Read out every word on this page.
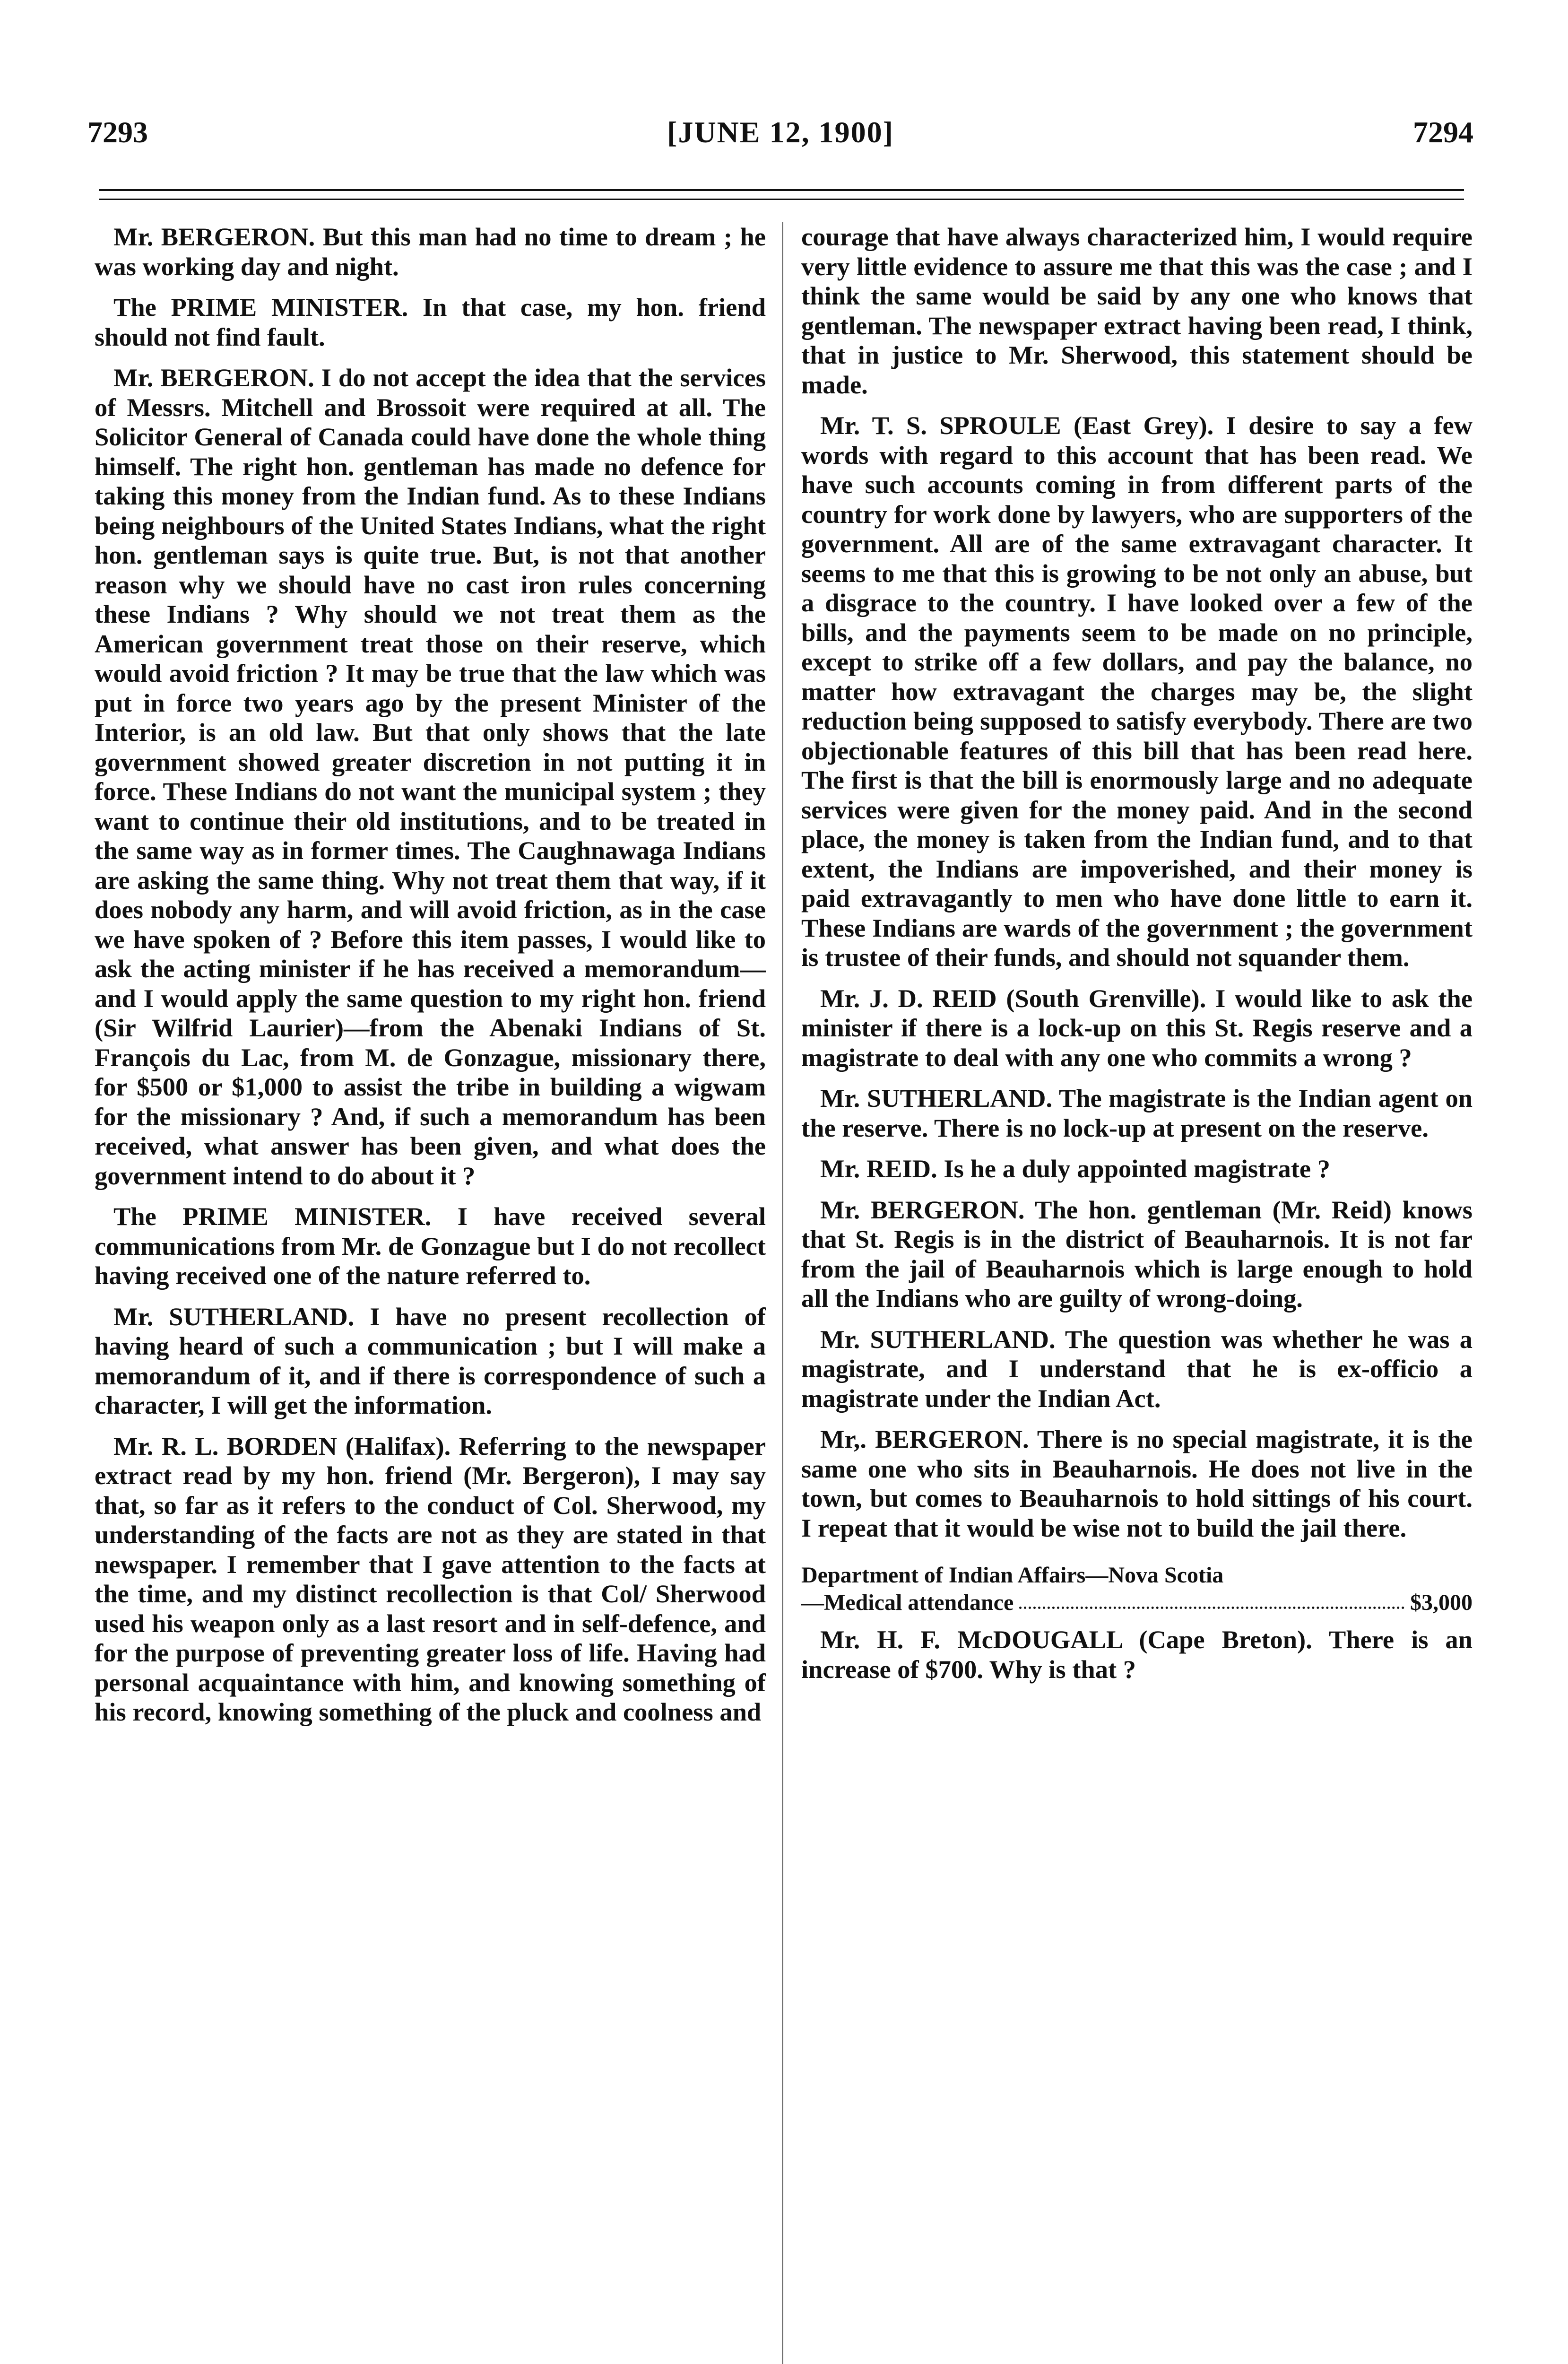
7293	[JUNE 12, 1900]	7294

Mr. BERGERON. But this man had no time to dream ; he was working day and night.

The PRIME MINISTER. In that case, my hon. friend should not find fault.

Mr. BERGERON. I do not accept the idea that the services of Messrs. Mitchell and Brossoit were required at all. The Solicitor General of Canada could have done the whole thing himself. The right hon. gentleman has made no defence for taking this money from the Indian fund. As to these Indians being neighbours of the United States Indians, what the right hon. gentleman says is quite true. But, is not that another reason why we should have no cast iron rules concerning these Indians ? Why should we not treat them as the American government treat those on their reserve, which would avoid friction ? It may be true that the law which was put in force two years ago by the present Minister of the Interior, is an old law. But that only shows that the late government showed greater discretion in not putting it in force. These Indians do not want the municipal system ; they want to continue their old institutions, and to be treated in the same way as in former times. The Caughnawaga Indians are asking the same thing. Why not treat them that way, if it does nobody any harm, and will avoid friction, as in the case we have spoken of ? Before this item passes, I would like to ask the acting minister if he has received a memorandum—and I would apply the same question to my right hon. friend (Sir Wilfrid Laurier)—from the Abenaki Indians of St. François du Lac, from M. de Gonzague, missionary there, for $500 or $1,000 to assist the tribe in building a wigwam for the missionary ? And, if such a memorandum has been received, what answer has been given, and what does the government intend to do about it ?

The PRIME MINISTER. I have received several communications from Mr. de Gonzague but I do not recollect having received one of the nature referred to.

Mr. SUTHERLAND. I have no present recollection of having heard of such a communication ; but I will make a memorandum of it, and if there is correspondence of such a character, I will get the information.

Mr. R. L. BORDEN (Halifax). Referring to the newspaper extract read by my hon. friend (Mr. Bergeron), I may say that, so far as it refers to the conduct of Col. Sherwood, my understanding of the facts are not as they are stated in that newspaper. I remember that I gave attention to the facts at the time, and my distinct recollection is that Col/ Sherwood used his weapon only as a last resort and in self-defence, and for the purpose of preventing greater loss of life. Having had personal acquaintance with him, and knowing something of his record, knowing something of the pluck and coolness and

courage that have always characterized him, I would require very little evidence to assure me that this was the case ; and I think the same would be said by any one who knows that gentleman. The newspaper extract having been read, I think, that in justice to Mr. Sherwood, this statement should be made.

Mr. T. S. SPROULE (East Grey). I desire to say a few words with regard to this account that has been read. We have such accounts coming in from different parts of the country for work done by lawyers, who are supporters of the government. All are of the same extravagant character. It seems to me that this is growing to be not only an abuse, but a disgrace to the country. I have looked over a few of the bills, and the payments seem to be made on no principle, except to strike off a few dollars, and pay the balance, no matter how extravagant the charges may be, the slight reduction being supposed to satisfy everybody. There are two objectionable features of this bill that has been read here. The first is that the bill is enormously large and no adequate services were given for the money paid. And in the second place, the money is taken from the Indian fund, and to that extent, the Indians are impoverished, and their money is paid extravagantly to men who have done little to earn it. These Indians are wards of the government ; the government is trustee of their funds, and should not squander them.

Mr. J. D. REID (South Grenville). I would like to ask the minister if there is a lock-up on this St. Regis reserve and a magistrate to deal with any one who commits a wrong ?

Mr. SUTHERLAND. The magistrate is the Indian agent on the reserve. There is no lock-up at present on the reserve.

Mr. REID. Is he a duly appointed magistrate ?

Mr. BERGERON. The hon. gentleman (Mr. Reid) knows that St. Regis is in the district of Beauharnois. It is not far from the jail of Beauharnois which is large enough to hold all the Indians who are guilty of wrong-doing.

Mr. SUTHERLAND. The question was whether he was a magistrate, and I understand that he is ex-officio a magistrate under the Indian Act.

Mr,. BERGERON. There is no special magistrate, it is the same one who sits in Beauharnois. He does not live in the town, but comes to Beauharnois to hold sittings of his court. I repeat that it would be wise not to build the jail there.

Department of Indian Affairs—Nova Scotia
—Medical attendance	$3,000

Mr. H. F. McDOUGALL (Cape Breton). There is an increase of $700. Why is that ?
